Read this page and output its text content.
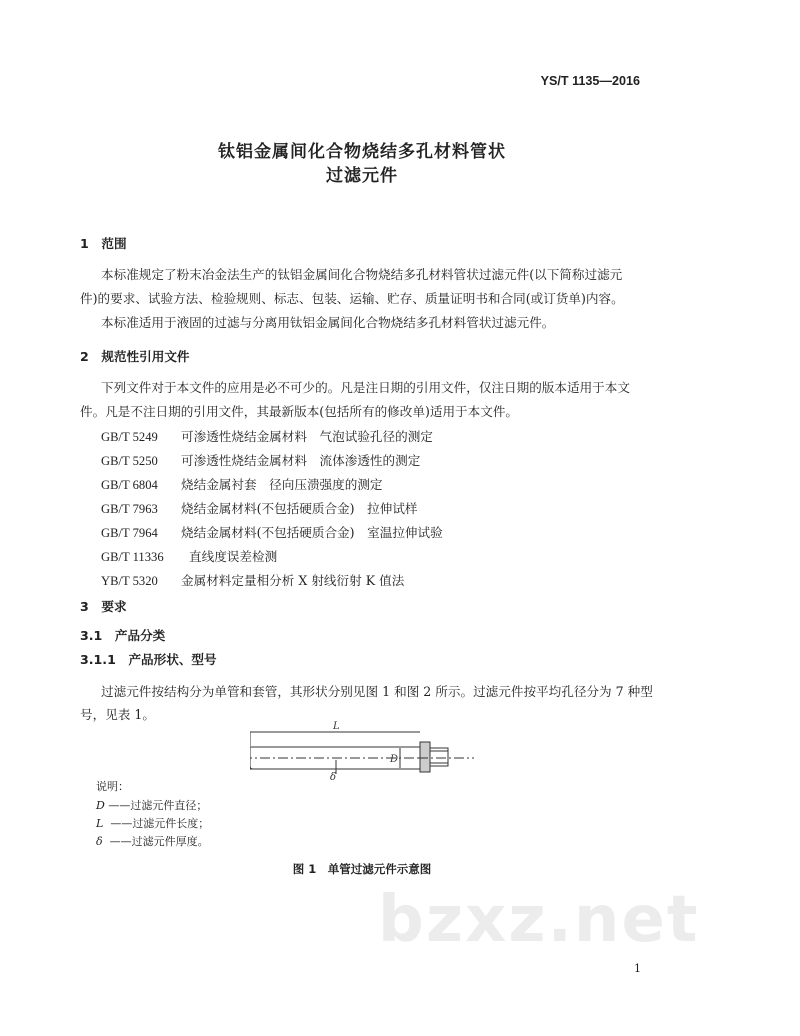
YS/T 1135—2016
钛铝金属间化合物烧结多孔材料管状
过滤元件
1　范围
本标准规定了粉末冶金法生产的钛铝金属间化合物烧结多孔材料管状过滤元件(以下简称过滤元
件)的要求、试验方法、检验规则、标志、包装、运输、贮存、质量证明书和合同(或订货单)内容。
本标准适用于液固的过滤与分离用钛铝金属间化合物烧结多孔材料管状过滤元件。
2　规范性引用文件
下列文件对于本文件的应用是必不可少的。凡是注日期的引用文件，仅注日期的版本适用于本文
件。凡是不注日期的引用文件，其最新版本(包括所有的修改单)适用于本文件。
GB/T 5249 可渗透性烧结金属材料　气泡试验孔径的测定
GB/T 5250 可渗透性烧结金属材料　流体渗透性的测定
GB/T 6804 烧结金属衬套　径向压溃强度的测定
GB/T 7963 烧结金属材料(不包括硬质合金)　拉伸试样
GB/T 7964 烧结金属材料(不包括硬质合金)　室温拉伸试验
GB/T 11336 直线度误差检测
YB/T 5320 金属材料定量相分析 X 射线衍射 K 值法
3　要求
3.1　产品分类
3.1.1　产品形状、型号
过滤元件按结构分为单管和套管，其形状分别见图 1 和图 2 所示。过滤元件按平均孔径分为 7 种型
号，见表 1。
L
D
δ
说明：
D ——过滤元件直径；
L ——过滤元件长度；
δ ——过滤元件厚度。
图 1　单管过滤元件示意图
bzxz.net
1
